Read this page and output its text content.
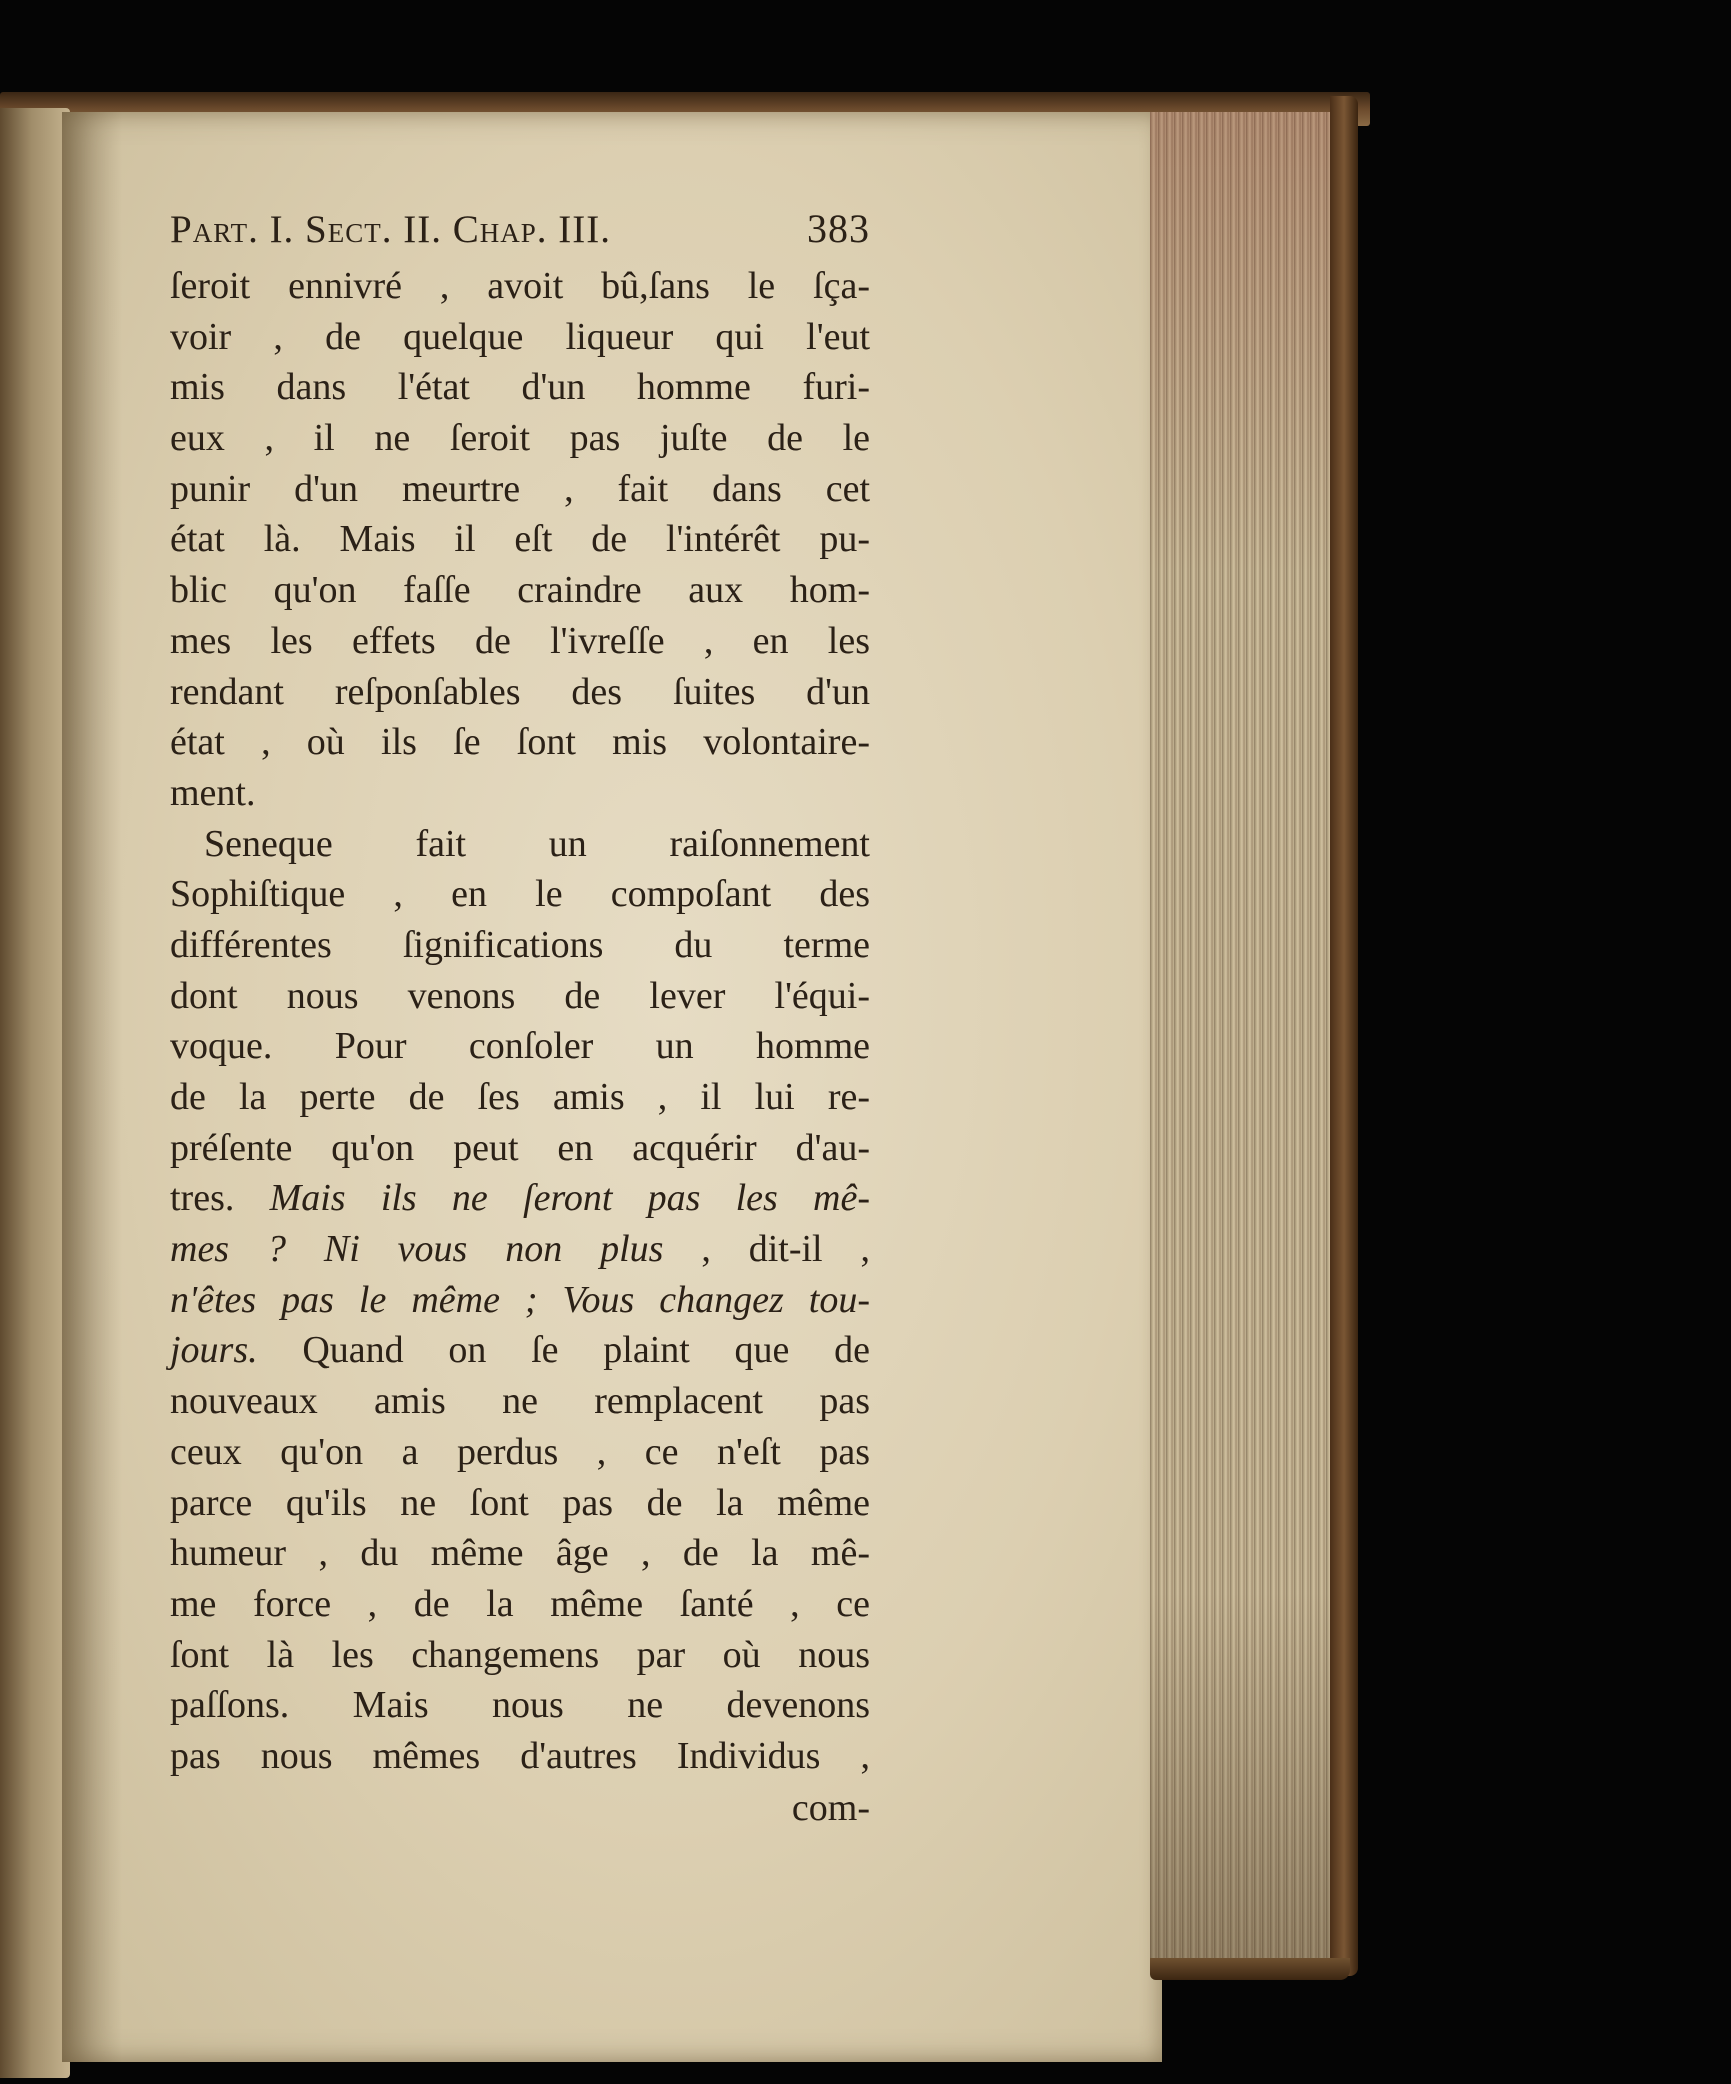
Part. I. Sect. II. Chap. III.	383
ſeroit ennivré , avoit bû,ſans le ſça-
voir , de quelque liqueur qui l'eut
mis dans l'état d'un homme furi-
eux , il ne ſeroit pas juſte de le
punir d'un meurtre , fait dans cet
état là. Mais il eſt de l'intérêt pu-
blic qu'on faſſe craindre aux hom-
mes les effets de l'ivreſſe , en les
rendant reſponſables des ſuites d'un
état , où ils ſe ſont mis volontaire-
ment.
Seneque fait un raiſonnement
Sophiſtique , en le compoſant des
différentes ſignifications du terme
dont nous venons de lever l'équi-
voque. Pour conſoler un homme
de la perte de ſes amis , il lui re-
préſente qu'on peut en acquérir d'au-
tres. Mais ils ne ſeront pas les mê-
mes ? Ni vous non plus , dit-il ,
n'êtes pas le même ; Vous changez tou-
jours. Quand on ſe plaint que de
nouveaux amis ne remplacent pas
ceux qu'on a perdus , ce n'eſt pas
parce qu'ils ne ſont pas de la même
humeur , du même âge , de la mê-
me force , de la même ſanté , ce
ſont là les changemens par où nous
paſſons. Mais nous ne devenons
pas nous mêmes d'autres Individus ,
com-
